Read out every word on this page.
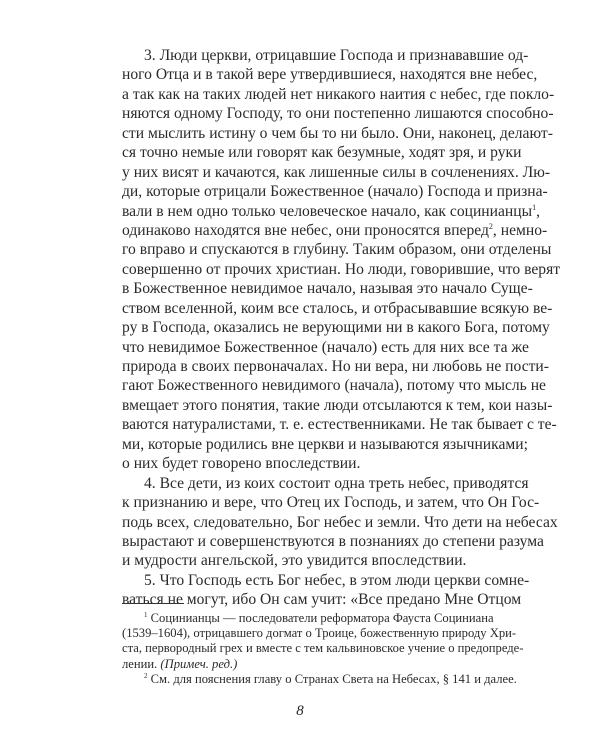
3. Люди церкви, отрицавшие Господа и признававшие од-
ного Отца и в такой вере утвердившиеся, находятся вне небес,
а так как на таких людей нет никакого наития с небес, где покло-
няются одному Господу, то они постепенно лишаются способно-
сти мыслить истину о чем бы то ни было. Они, наконец, делают-
ся точно немые или говорят как безумные, ходят зря, и руки
у них висят и качаются, как лишенные силы в сочленениях. Лю-
ди, которые отрицали Божественное (начало) Господа и призна-
вали в нем одно только человеческое начало, как социнианцы$^1$,
одинаково находятся вне небес, они проносятся вперед$^2$, немно-
го вправо и спускаются в глубину. Таким образом, они отделены
совершенно от прочих христиан. Но люди, говорившие, что верят
в Божественное невидимое начало, называя это начало Суще-
ством вселенной, коим все сталось, и отбрасывавшие всякую ве-
ру в Господа, оказались не верующими ни в какого Бога, потому
что невидимое Божественное (начало) есть для них все та же
природа в своих первоначалах. Но ни вера, ни любовь не пости-
гают Божественного невидимого (начала), потому что мысль не
вмещает этого понятия, такие люди отсылаются к тем, кои назы-
ваются натуралистами, т. е. естественниками. Не так бывает с те-
ми, которые родились вне церкви и называются язычниками;
о них будет говорено впоследствии.
4. Все дети, из коих состоит одна треть небес, приводятся
к признанию и вере, что Отец их Господь, и затем, что Он Гос-
подь всех, следовательно, Бог небес и земли. Что дети на небесах
вырастают и совершенствуются в познаниях до степени разума
и мудрости ангельской, это увидится впоследствии.
5. Что Господь есть Бог небес, в этом люди церкви сомне-
ваться не могут, ибо Он сам учит: «Все предано Мне Отцом
$^1$ Социнианцы — последователи реформатора Фауста Социниана
(1539–1604), отрицавшего догмат о Троице, божественную природу Хри-
ста, первородный грех и вместе с тем кальвиновское учение о предопреде-
лении. (Примеч. ред.)
$^2$ См. для пояснения главу о Странах Света на Небесах, § 141 и далее.
8
